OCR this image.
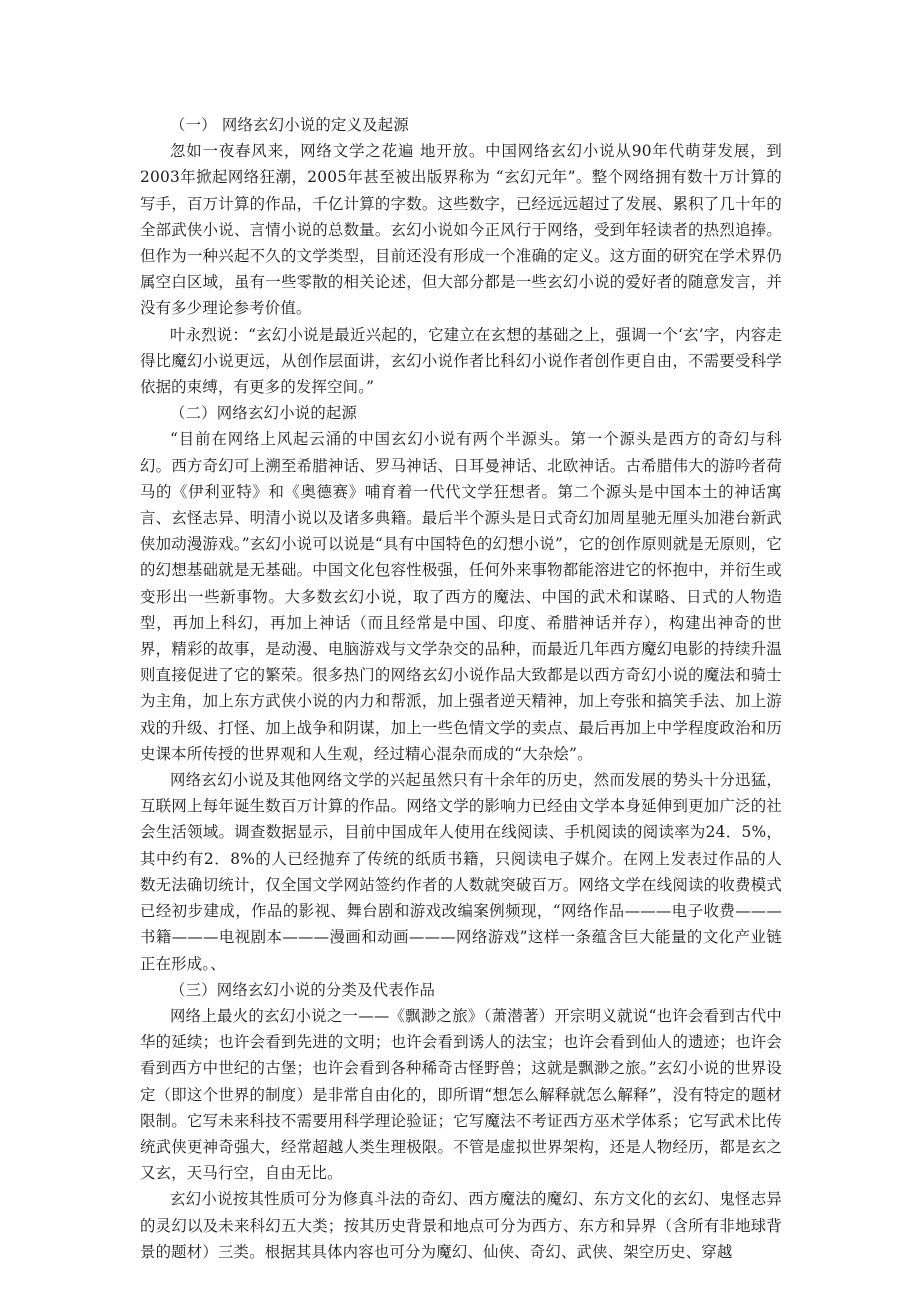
（一） 网络玄幻小说的定义及起源

忽如一夜春风来，网络文学之花遍 地开放。中国网络玄幻小说从90年代萌芽发展，到2003年掀起网络狂潮，2005年甚至被出版界称为 “玄幻元年”。整个网络拥有数十万计算的写手，百万计算的作品，千亿计算的字数。这些数字，已经远远超过了发展、累积了几十年的全部武侠小说、言情小说的总数量。玄幻小说如今正风行于网络，受到年轻读者的热烈追捧。但作为一种兴起不久的文学类型，目前还没有形成一个准确的定义。这方面的研究在学术界仍属空白区域，虽有一些零散的相关论述，但大部分都是一些玄幻小说的爱好者的随意发言，并没有多少理论参考价值。

叶永烈说：“玄幻小说是最近兴起的，它建立在玄想的基础之上，强调一个‘玄’字，内容走得比魔幻小说更远，从创作层面讲，玄幻小说作者比科幻小说作者创作更自由，不需要受科学依据的束缚，有更多的发挥空间。”

（二）网络玄幻小说的起源

“目前在网络上风起云涌的中国玄幻小说有两个半源头。第一个源头是西方的奇幻与科幻。西方奇幻可上溯至希腊神话、罗马神话、日耳曼神话、北欧神话。古希腊伟大的游吟者荷马的《伊利亚特》和《奥德赛》哺育着一代代文学狂想者。第二个源头是中国本土的神话寓言、玄怪志异、明清小说以及诸多典籍。最后半个源头是日式奇幻加周星驰无厘头加港台新武侠加动漫游戏。”玄幻小说可以说是“具有中国特色的幻想小说”，它的创作原则就是无原则，它的幻想基础就是无基础。中国文化包容性极强，任何外来事物都能溶进它的怀抱中，并衍生或变形出一些新事物。大多数玄幻小说，取了西方的魔法、中国的武术和谋略、日式的人物造型，再加上科幻，再加上神话（而且经常是中国、印度、希腊神话并存），构建出神奇的世界，精彩的故事，是动漫、电脑游戏与文学杂交的品种，而最近几年西方魔幻电影的持续升温则直接促进了它的繁荣。很多热门的网络玄幻小说作品大致都是以西方奇幻小说的魔法和骑士为主角，加上东方武侠小说的内力和帮派，加上强者逆天精神，加上夸张和搞笑手法、加上游戏的升级、打怪、加上战争和阴谋，加上一些色情文学的卖点、最后再加上中学程度政治和历史课本所传授的世界观和人生观，经过精心混杂而成的“大杂烩”。

网络玄幻小说及其他网络文学的兴起虽然只有十余年的历史，然而发展的势头十分迅猛，互联网上每年诞生数百万计算的作品。网络文学的影响力已经由文学本身延伸到更加广泛的社会生活领域。调查数据显示，目前中国成年人使用在线阅读、手机阅读的阅读率为24．5%，其中约有2．8%的人已经抛弃了传统的纸质书籍，只阅读电子媒介。在网上发表过作品的人数无法确切统计，仅全国文学网站签约作者的人数就突破百万。网络文学在线阅读的收费模式已经初步建成，作品的影视、舞台剧和游戏改编案例频现，“网络作品———电子收费———书籍———电视剧本———漫画和动画———网络游戏”这样一条蕴含巨大能量的文化产业链正在形成。、

（三）网络玄幻小说的分类及代表作品

网络上最火的玄幻小说之一——《飘渺之旅》（萧潜著）开宗明义就说“也许会看到古代中华的延续；也许会看到先进的文明；也许会看到诱人的法宝；也许会看到仙人的遗迹；也许会看到西方中世纪的古堡；也许会看到各种稀奇古怪野兽；这就是飘渺之旅。”玄幻小说的世界设定（即这个世界的制度）是非常自由化的，即所谓“想怎么解释就怎么解释”，没有特定的题材限制。它写未来科技不需要用科学理论验证；它写魔法不考证西方巫术学体系；它写武术比传统武侠更神奇强大，经常超越人类生理极限。不管是虚拟世界架构，还是人物经历，都是玄之又玄，天马行空，自由无比。

玄幻小说按其性质可分为修真斗法的奇幻、西方魔法的魔幻、东方文化的玄幻、鬼怪志异的灵幻以及未来科幻五大类；按其历史背景和地点可分为西方、东方和异界（含所有非地球背景的题材）三类。根据其具体内容也可分为魔幻、仙侠、奇幻、武侠、架空历史、穿越
